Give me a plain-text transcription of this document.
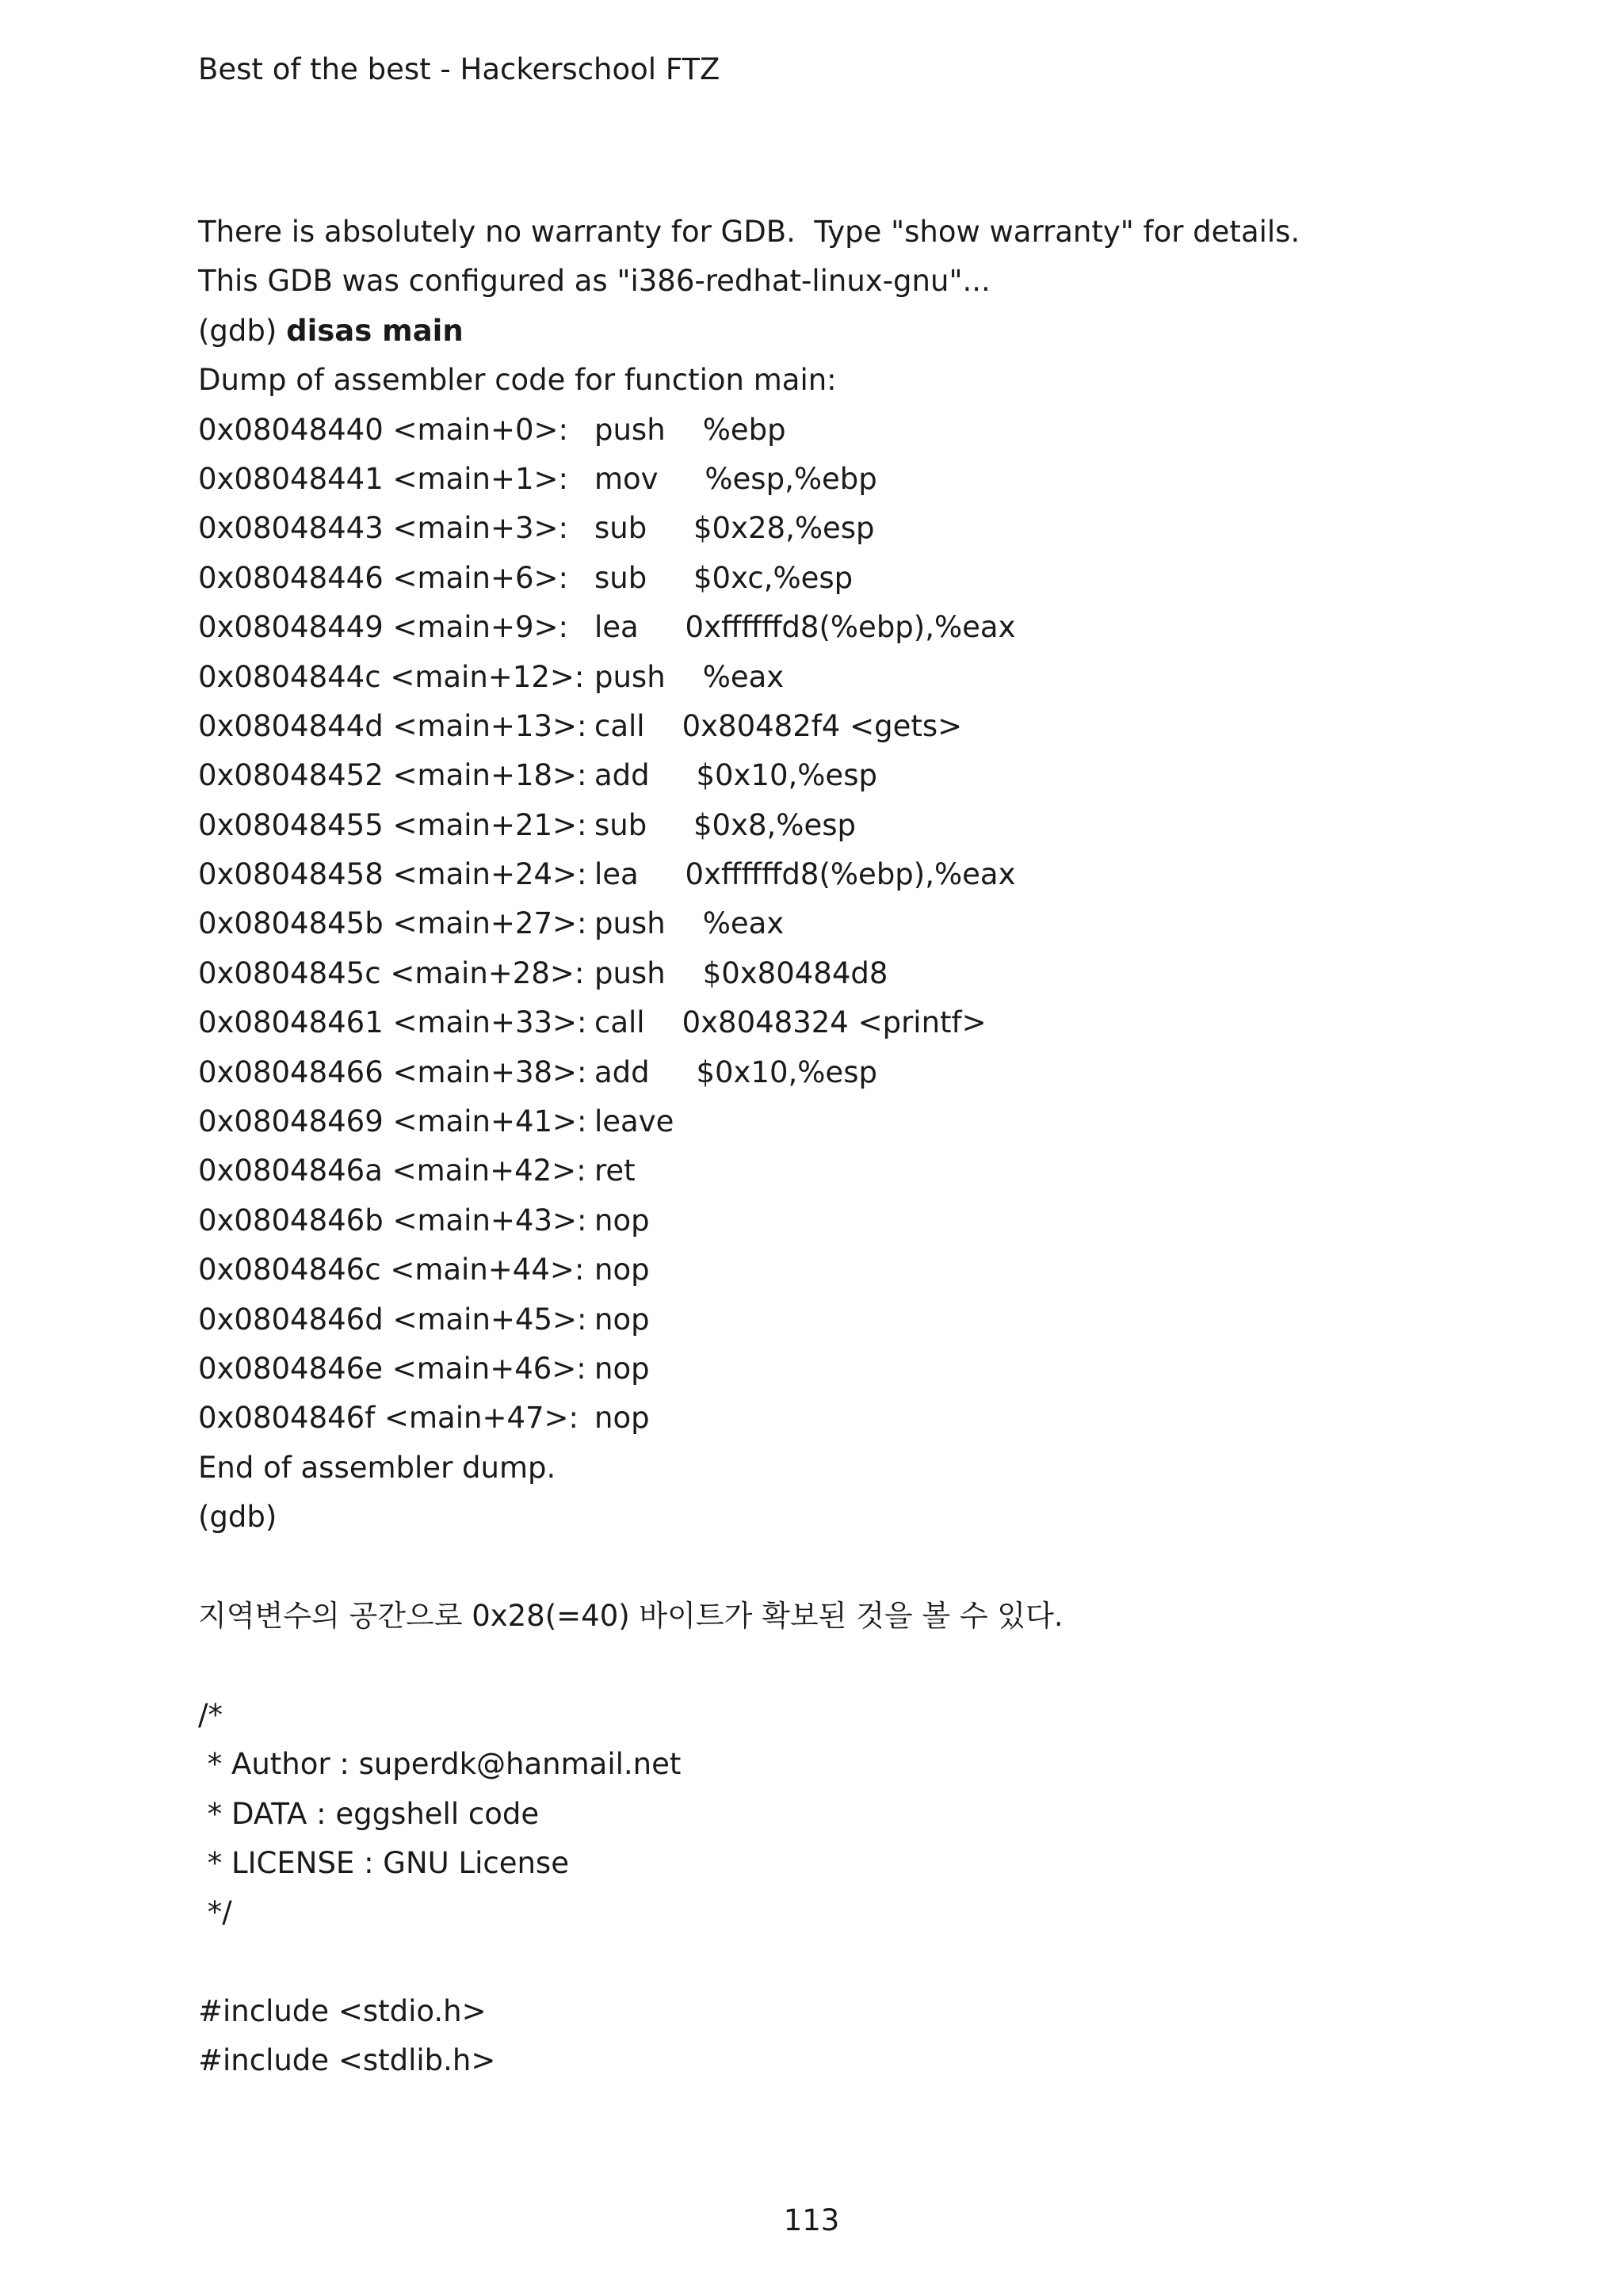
Best of the best - Hackerschool FTZ
There is absolutely no warranty for GDB.  Type "show warranty" for details.
This GDB was configured as "i386-redhat-linux-gnu"...
(gdb) disas main
Dump of assembler code for function main:
0x08048440 <main+0>: push    %ebp
0x08048441 <main+1>: mov     %esp,%ebp
0x08048443 <main+3>: sub     $0x28,%esp
0x08048446 <main+6>: sub     $0xc,%esp
0x08048449 <main+9>: lea     0xffffffd8(%ebp),%eax
0x0804844c <main+12>: push    %eax
0x0804844d <main+13>: call    0x80482f4 <gets>
0x08048452 <main+18>: add     $0x10,%esp
0x08048455 <main+21>: sub     $0x8,%esp
0x08048458 <main+24>: lea     0xffffffd8(%ebp),%eax
0x0804845b <main+27>: push    %eax
0x0804845c <main+28>: push    $0x80484d8
0x08048461 <main+33>: call    0x8048324 <printf>
0x08048466 <main+38>: add     $0x10,%esp
0x08048469 <main+41>: leave
0x0804846a <main+42>: ret
0x0804846b <main+43>: nop
0x0804846c <main+44>: nop
0x0804846d <main+45>: nop
0x0804846e <main+46>: nop
0x0804846f <main+47>: nop
End of assembler dump.
(gdb)
지역변수의 공간으로 0x28(=40) 바이트가 확보된 것을 볼 수 있다.
/*
* Author : superdk@hanmail.net
* DATA : eggshell code
* LICENSE : GNU License
*/
#include <stdio.h>
#include <stdlib.h>
113
